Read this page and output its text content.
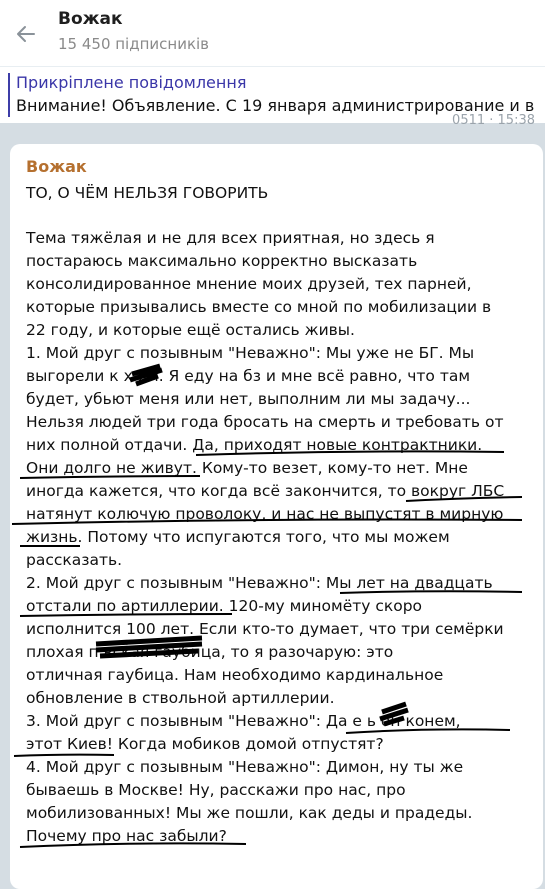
Вожак
15 450 підписників
Прикріплене повідомлення
Внимание! Объявление. С 19 января администрирование и в
0511 · 15:38
Вожак
ТО, О ЧЁМ НЕЛЬЗЯ ГОВОРИТЬ
Тема тяжёлая и не для всех приятная, но здесь я
постараюсь максимально корректно высказать
консолидированное мнение моих друзей, тех парней,
которые призывались вместе со мной по мобилизации в
22 году, и которые ещё остались живы.
1. Мой друг с позывным "Неважно": Мы уже не БГ. Мы
выгорели к х ям. Я еду на бз и мне всё равно, что там
будет, убьют меня или нет, выполним ли мы задачу...
Нельзя людей три года бросать на смерть и требовать от
них полной отдачи. Да, приходят новые контрактники.
Они долго не живут. Кому-то везет, кому-то нет. Мне
иногда кажется, что когда всё закончится, то вокруг ЛБС
натянут колючую проволоку, и нас не выпустят в мирную
жизнь. Потому что испугаются того, что мы можем
рассказать.
2. Мой друг с позывным "Неважно": Мы лет на двадцать
отстали по артиллерии. 120-му миномёту скоро
исполнится 100 лет. Если кто-то думает, что три семёрки
плохая п вская гаубица, то я разочарую: это
отличная гаубица. Нам необходимо кардинальное
обновление в ствольной артиллерии.
3. Мой друг с позывным "Неважно": Да е ь он конем,
этот Киев! Когда мобиков домой отпустят?
4. Мой друг с позывным "Неважно": Димон, ну ты же
бываешь в Москве! Ну, расскажи про нас, про
мобилизованных! Мы же пошли, как деды и прадеды.
Почему про нас забыли?
